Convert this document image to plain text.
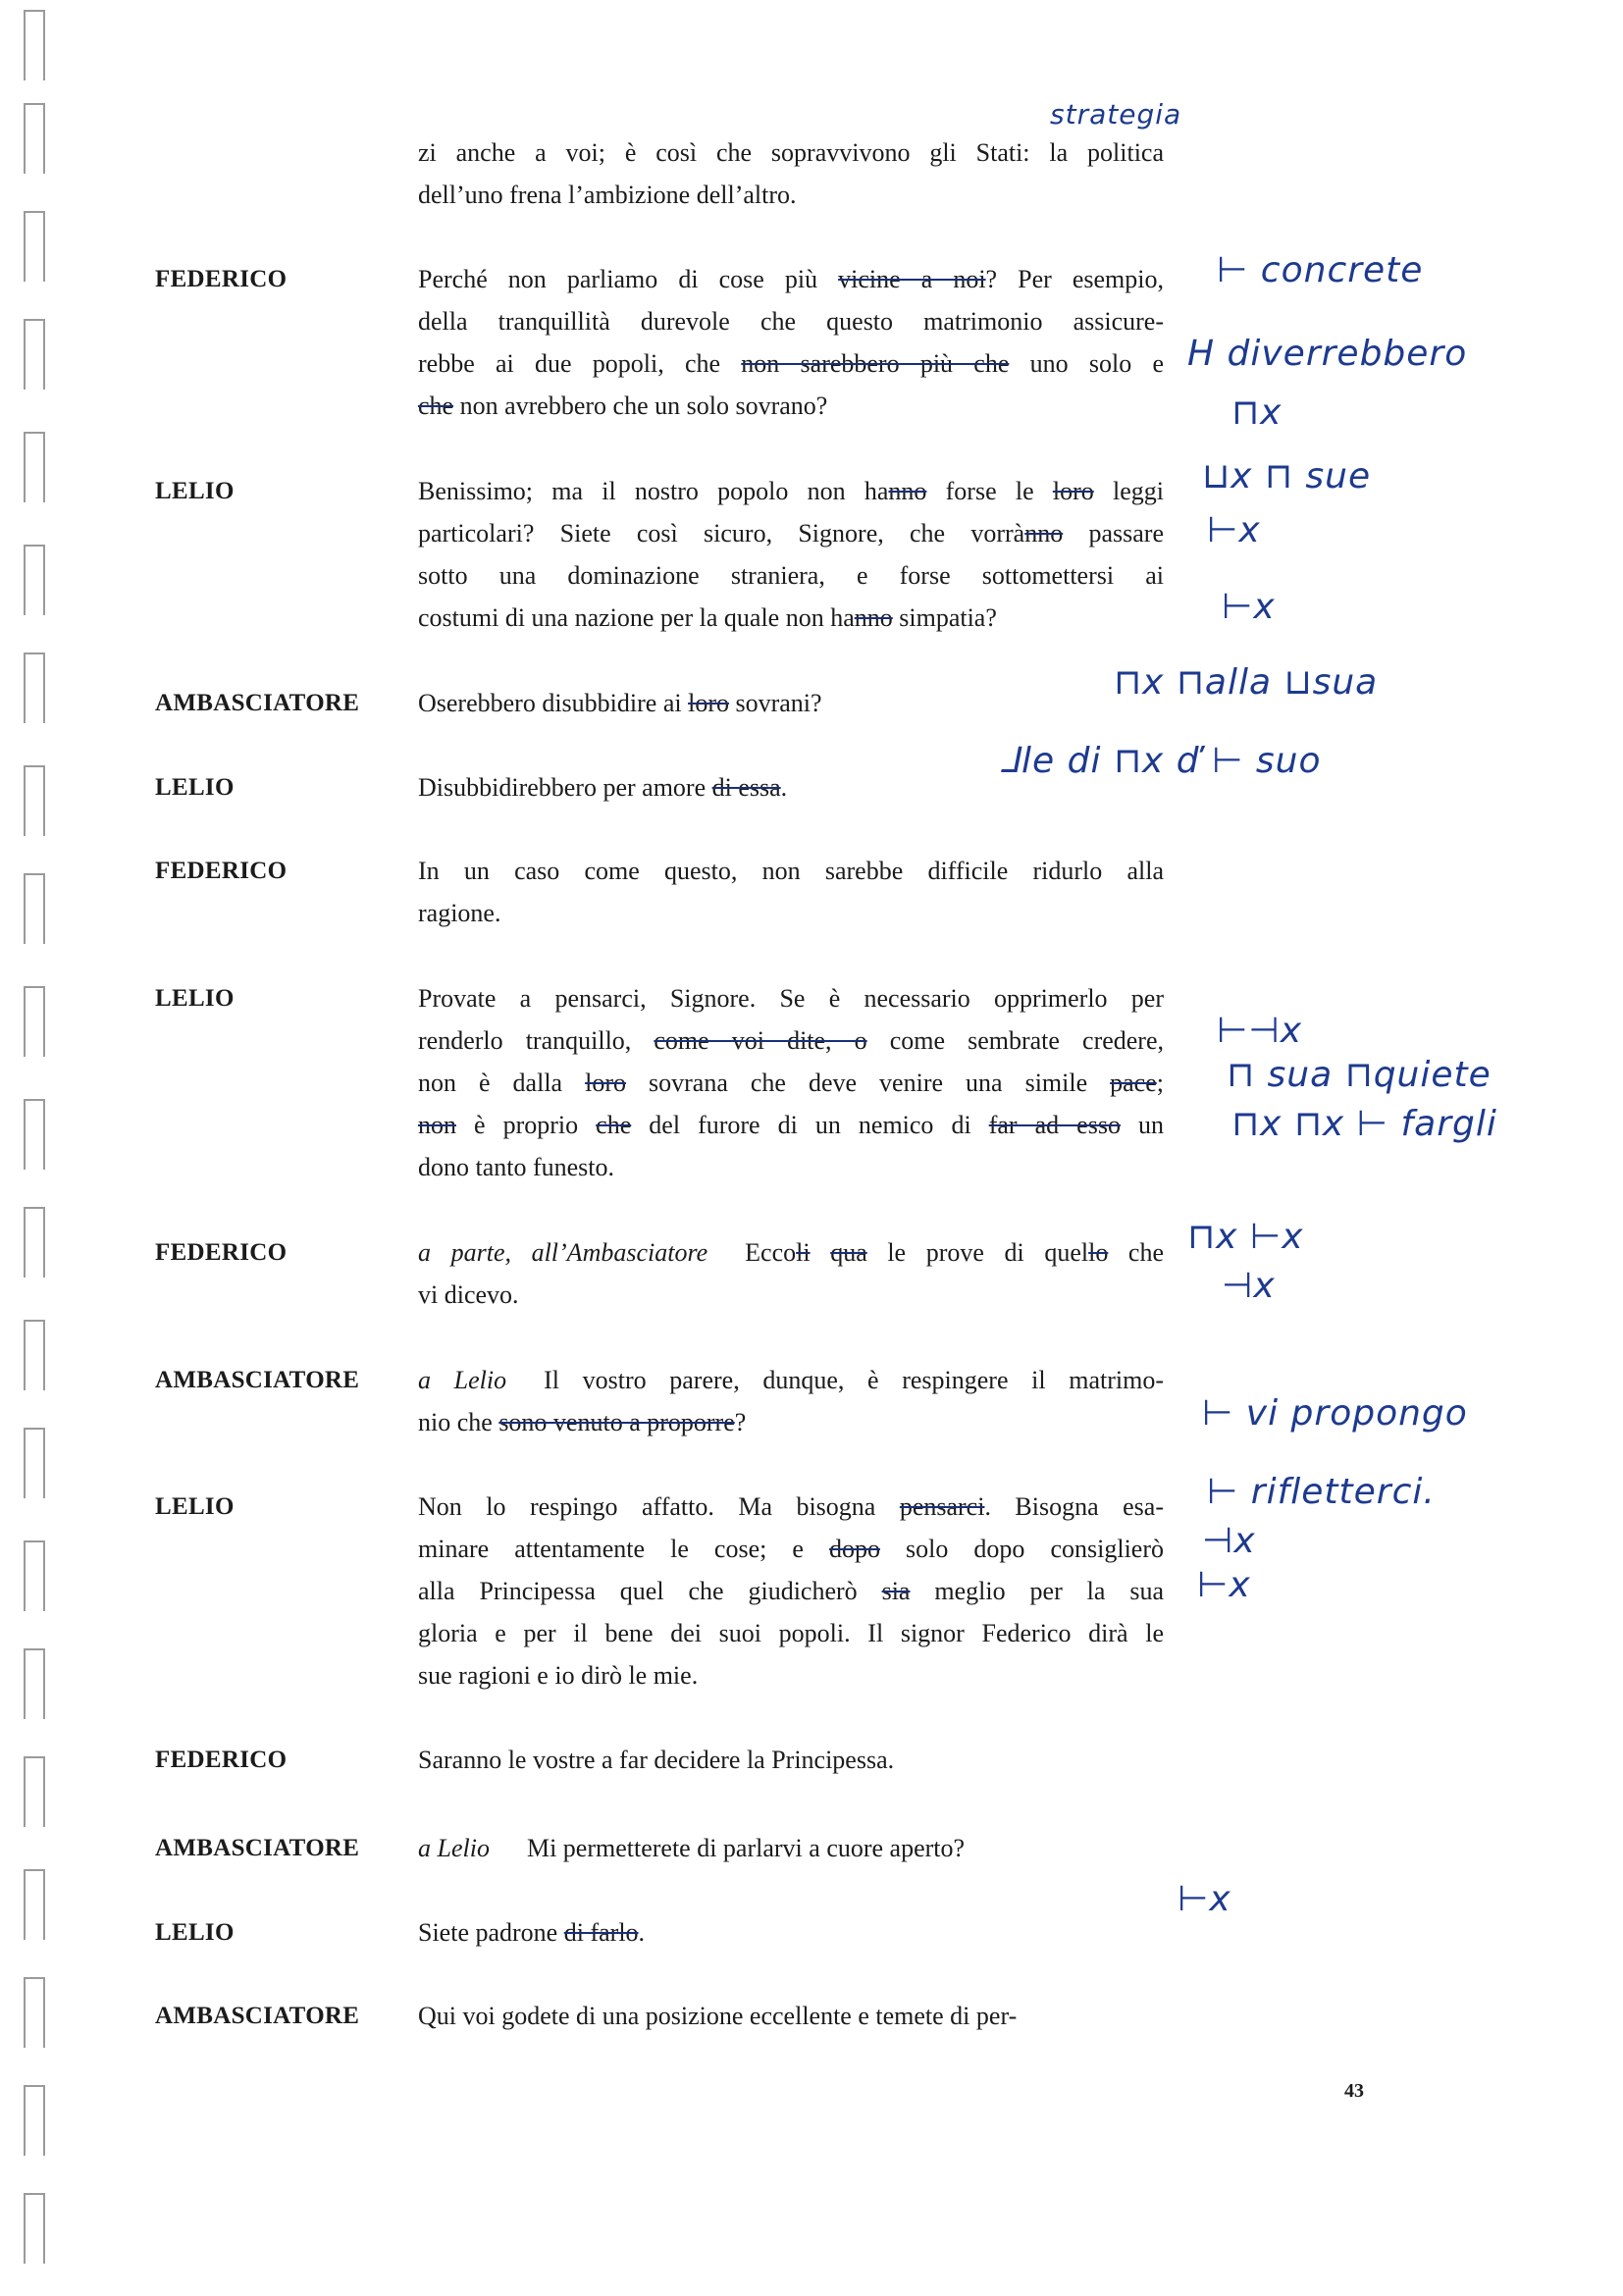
zi anche a voi; è così che sopravvivono gli Stati: la politica
dell’uno frena l’ambizione dell’altro.
FEDERICO	Perché non parliamo di cose più vicine a noi? Per esempio,
della tranquillità durevole che questo matrimonio assicure-
rebbe ai due popoli, che non sarebbero più che uno solo e
che non avrebbero che un solo sovrano?
LELIO	Benissimo; ma il nostro popolo non hanno forse le loro leggi
particolari? Siete così sicuro, Signore, che vorrànno passare
sotto una dominazione straniera, e forse sottomettersi ai
costumi di una nazione per la quale non hanno simpatia?
AMBASCIATORE Oserebbero disubbidire ai loro sovrani?
LELIO	Disubbidirebbero per amore di essa.
FEDERICO	In un caso come questo, non sarebbe difficile ridurlo alla
ragione.
LELIO	Provate a pensarci, Signore. Se è necessario opprimerlo per
renderlo tranquillo, come voi dite, o come sembrate credere,
non è dalla loro sovrana che deve venire una simile pace;
non è proprio che del furore di un nemico di far ad esso un
dono tanto funesto.
FEDERICO	a parte, all’Ambasciatore Eccoli qua le prove di quello che
vi dicevo.
AMBASCIATORE a Lelio Il vostro parere, dunque, è respingere il matrimo-
nio che sono venuto a proporre?
LELIO	Non lo respingo affatto. Ma bisogna pensarci. Bisogna esa-
minare attentamente le cose; e dopo solo dopo consiglierò
alla Principessa quel che giudicherò sia meglio per la sua
gloria e per il bene dei suoi popoli. Il signor Federico dirà le
sue ragioni e io dirò le mie.
FEDERICO	Saranno le vostre a far decidere la Principessa.
AMBASCIATORE a Lelio Mi permetterete di parlarvi a cuore aperto?
LELIO	Siete padrone di farlo.
AMBASCIATORE Qui voi godete di una posizione eccellente e temete di per-
strategia
⊢ concrete
H diverrebbero
⊓x
⊔x ⊓ sue
⊢x
⊢x
⊓x ⊓alla ⊔sua
⅃le di ⊓x ď ⊢ suo
⊢⊣x
⊓ sua ⊓quiete
⊓x ⊓x ⊢ fargli
⊓x ⊢x
⊣x
⊢ vi propongo
⊢ rifletterci.
⊣x
⊢x
⊢x
43
